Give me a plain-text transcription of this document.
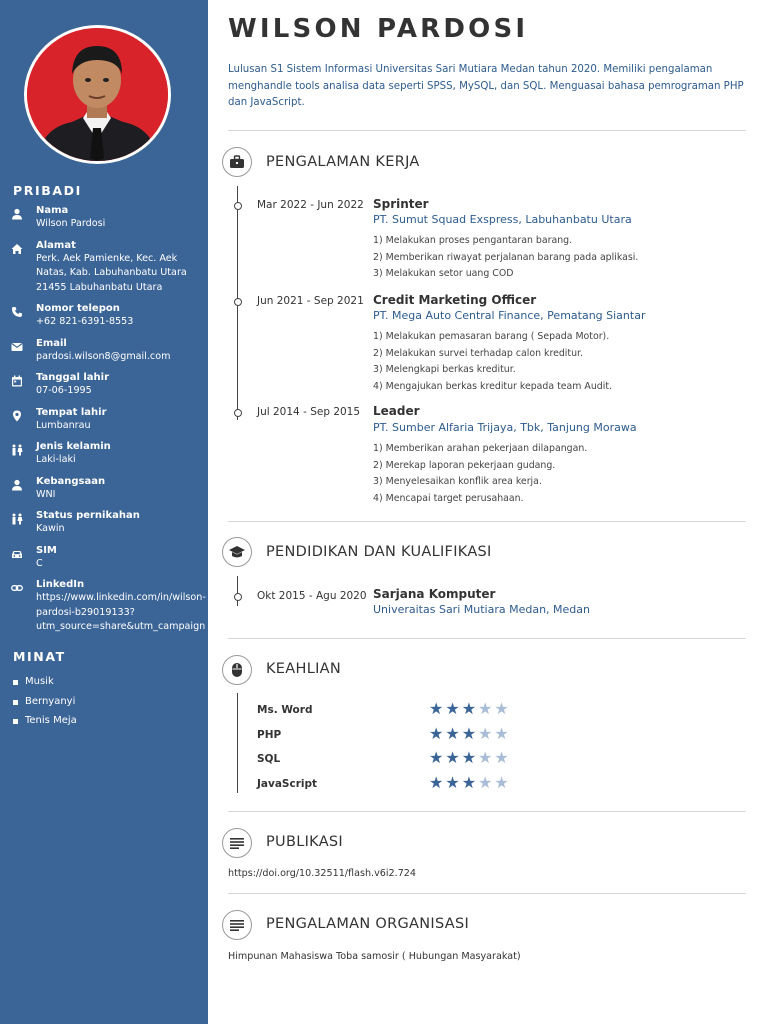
PRIBADI
Nama
Wilson Pardosi
Alamat
Perk. Aek Pamienke, Kec. Aek
Natas, Kab. Labuhanbatu Utara
21455 Labuhanbatu Utara
Nomor telepon
+62 821-6391-8553
Email
pardosi.wilson8@gmail.com
Tanggal lahir
07-06-1995
Tempat lahir
Lumbanrau
Jenis kelamin
Laki-laki
Kebangsaan
WNI
Status pernikahan
Kawin
SIM
C
LinkedIn
https://www.linkedin.com/in/wilson-
pardosi-b29019133?
utm_source=share&utm_campaign
MINAT
Musik
Bernyanyi
Tenis Meja
WILSON PARDOSI
Lulusan S1 Sistem Informasi Universitas Sari Mutiara Medan tahun 2020. Memiliki pengalaman menghandle tools analisa data seperti SPSS, MySQL, dan SQL. Menguasai bahasa pemrograman PHP dan JavaScript.
PENGALAMAN KERJA
Mar 2022 - Jun 2022 Sprinter
PT. Sumut Squad Exspress, Labuhanbatu Utara
1) Melakukan proses pengantaran barang.
2) Memberikan riwayat perjalanan barang pada aplikasi.
3) Melakukan setor uang COD
Jun 2021 - Sep 2021 Credit Marketing Officer
PT. Mega Auto Central Finance, Pematang Siantar
1) Melakukan pemasaran barang ( Sepada Motor).
2) Melakukan survei terhadap calon kreditur.
3) Melengkapi berkas kreditur.
4) Mengajukan berkas kreditur kepada team Audit.
Jul 2014 - Sep 2015 Leader
PT. Sumber Alfaria Trijaya, Tbk, Tanjung Morawa
1) Memberikan arahan pekerjaan dilapangan.
2) Merekap laporan pekerjaan gudang.
3) Menyelesaikan konflik area kerja.
4) Mencapai target perusahaan.
PENDIDIKAN DAN KUALIFIKASI
Okt 2015 - Agu 2020 Sarjana Komputer
Univeraitas Sari Mutiara Medan, Medan
KEAHLIAN
Ms. Word	★★★★★
PHP	★★★★★
SQL	★★★★★
JavaScript	★★★★★
PUBLIKASI
https://doi.org/10.32511/flash.v6i2.724
PENGALAMAN ORGANISASI
Himpunan Mahasiswa Toba samosir ( Hubungan Masyarakat)
